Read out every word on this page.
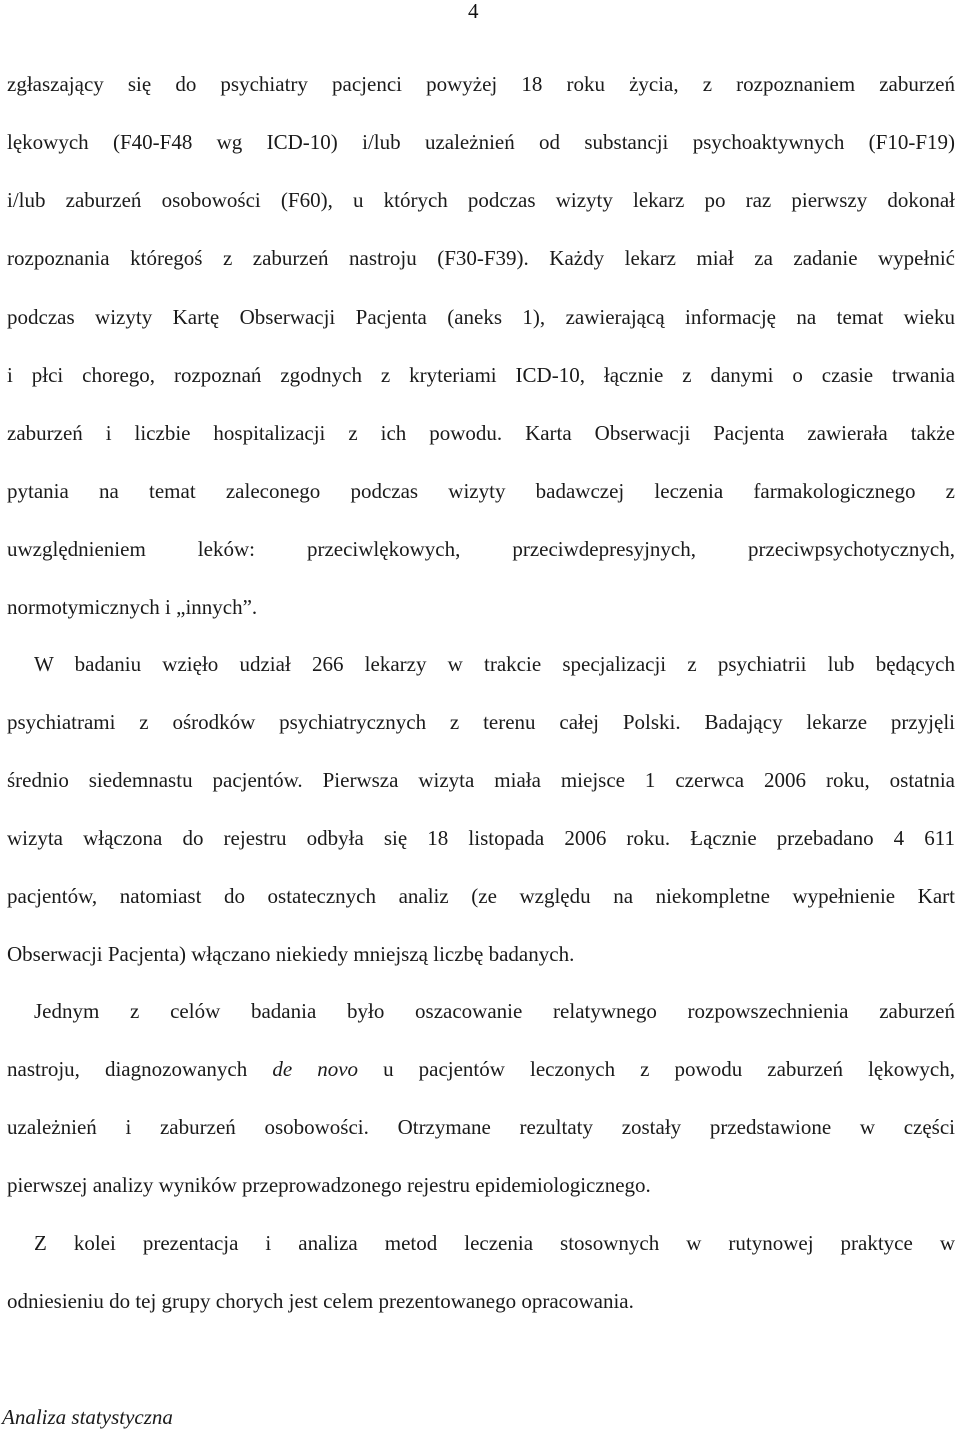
4
zgłaszający się do psychiatry pacjenci powyżej 18 roku życia, z rozpoznaniem zaburzeń
lękowych (F40-F48 wg ICD-10) i/lub uzależnień od substancji psychoaktywnych (F10-F19)
i/lub zaburzeń osobowości (F60), u których podczas wizyty lekarz po raz pierwszy dokonał
rozpoznania któregoś z zaburzeń nastroju (F30-F39). Każdy lekarz miał za zadanie wypełnić
podczas wizyty Kartę Obserwacji Pacjenta (aneks 1), zawierającą informację na temat wieku
i płci chorego, rozpoznań zgodnych z kryteriami ICD-10, łącznie z danymi o czasie trwania
zaburzeń i liczbie hospitalizacji z ich powodu. Karta Obserwacji Pacjenta zawierała także
pytania na temat zaleconego podczas wizyty badawczej leczenia farmakologicznego z
uwzględnieniem leków: przeciwlękowych, przeciwdepresyjnych, przeciwpsychotycznych,
normotymicznych i „innych”.
W badaniu wzięło udział 266 lekarzy w trakcie specjalizacji z psychiatrii lub będących
psychiatrami z ośrodków psychiatrycznych z terenu całej Polski. Badający lekarze przyjęli
średnio siedemnastu pacjentów. Pierwsza wizyta miała miejsce 1 czerwca 2006 roku, ostatnia
wizyta włączona do rejestru odbyła się 18 listopada 2006 roku. Łącznie przebadano 4 611
pacjentów, natomiast do ostatecznych analiz (ze względu na niekompletne wypełnienie Kart
Obserwacji Pacjenta) włączano niekiedy mniejszą liczbę badanych.
Jednym z celów badania było oszacowanie relatywnego rozpowszechnienia zaburzeń
nastroju, diagnozowanych de novo u pacjentów leczonych z powodu zaburzeń lękowych,
uzależnień i zaburzeń osobowości. Otrzymane rezultaty zostały przedstawione w części
pierwszej analizy wyników przeprowadzonego rejestru epidemiologicznego.
Z kolei prezentacja i analiza metod leczenia stosownych w rutynowej praktyce w
odniesieniu do tej grupy chorych jest celem prezentowanego opracowania.
Analiza statystyczna
